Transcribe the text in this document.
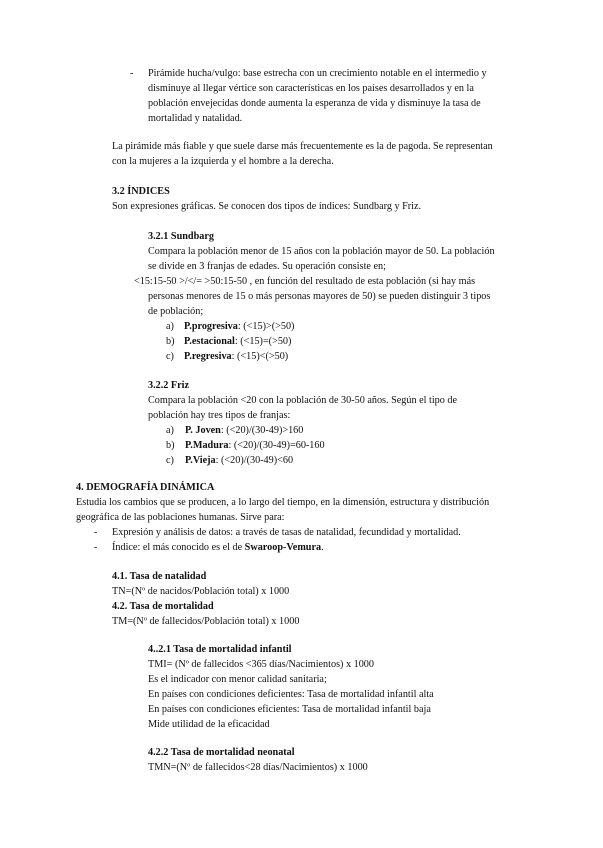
- Pirámide hucha/vulgo: base estrecha con un crecimiento notable en el intermedio y
disminuye al llegar vértice son características en los países desarrollados y en la
población envejecidas donde aumenta la esperanza de vida y disminuye la tasa de
mortalidad y natalidad.
La pirámide más fiable y que suele darse más frecuentemente es la de pagoda. Se representan
con la mujeres a la izquierda y el hombre a la derecha.
3.2 ÍNDICES
Son expresiones gráficas. Se conocen dos tipos de índices: Sundbarg y Friz.
3.2.1 Sundbarg
Compara la población menor de 15 años con la población mayor de 50. La población
se divide en 3 franjas de edades. Su operación consiste en;
<15:15-50 >/</= >50:15-50 , en función del resultado de esta población (si hay más
personas menores de 15 o más personas mayores de 50) se pueden distinguir 3 tipos
de población;
a) P.progresiva: (<15)>(>50)
b) P.estacional: (<15)=(>50)
c) P.regresiva: (<15)<(>50)
3.2.2 Friz
Compara la población <20 con la población de 30-50 años. Según el tipo de
población hay tres tipos de franjas:
a) P. Joven: (<20)/(30-49)>160
b) P.Madura: (<20)/(30-49)=60-160
c) P.Vieja: (<20)/(30-49)<60
4. DEMOGRAFÍA DINÁMICA
Estudia los cambios que se producen, a lo largo del tiempo, en la dimensión, estructura y distribución
geográfica de las poblaciones humanas. Sirve para:
- Expresión y análisis de datos: a través de tasas de natalidad, fecundidad y mortalidad.
- Índice: el más conocido es el de Swaroop-Vemura.
4.1. Tasa de natalidad
TN=(Nº de nacidos/Población total) x 1000
4.2. Tasa de mortalidad
TM=(Nº de fallecidos/Población total) x 1000
4..2.1 Tasa de mortalidad infantil
TMI= (Nº de fallecidos <365 días/Nacimientos) x 1000
Es el indicador con menor calidad sanitaria;
En países con condiciones deficientes: Tasa de mortalidad infantil alta
En países con condiciones eficientes: Tasa de mortalidad infantil baja
Mide utilidad de la eficacidad
4.2.2 Tasa de mortalidad neonatal
TMN=(Nº de fallecidos<28 días/Nacimientos) x 1000
